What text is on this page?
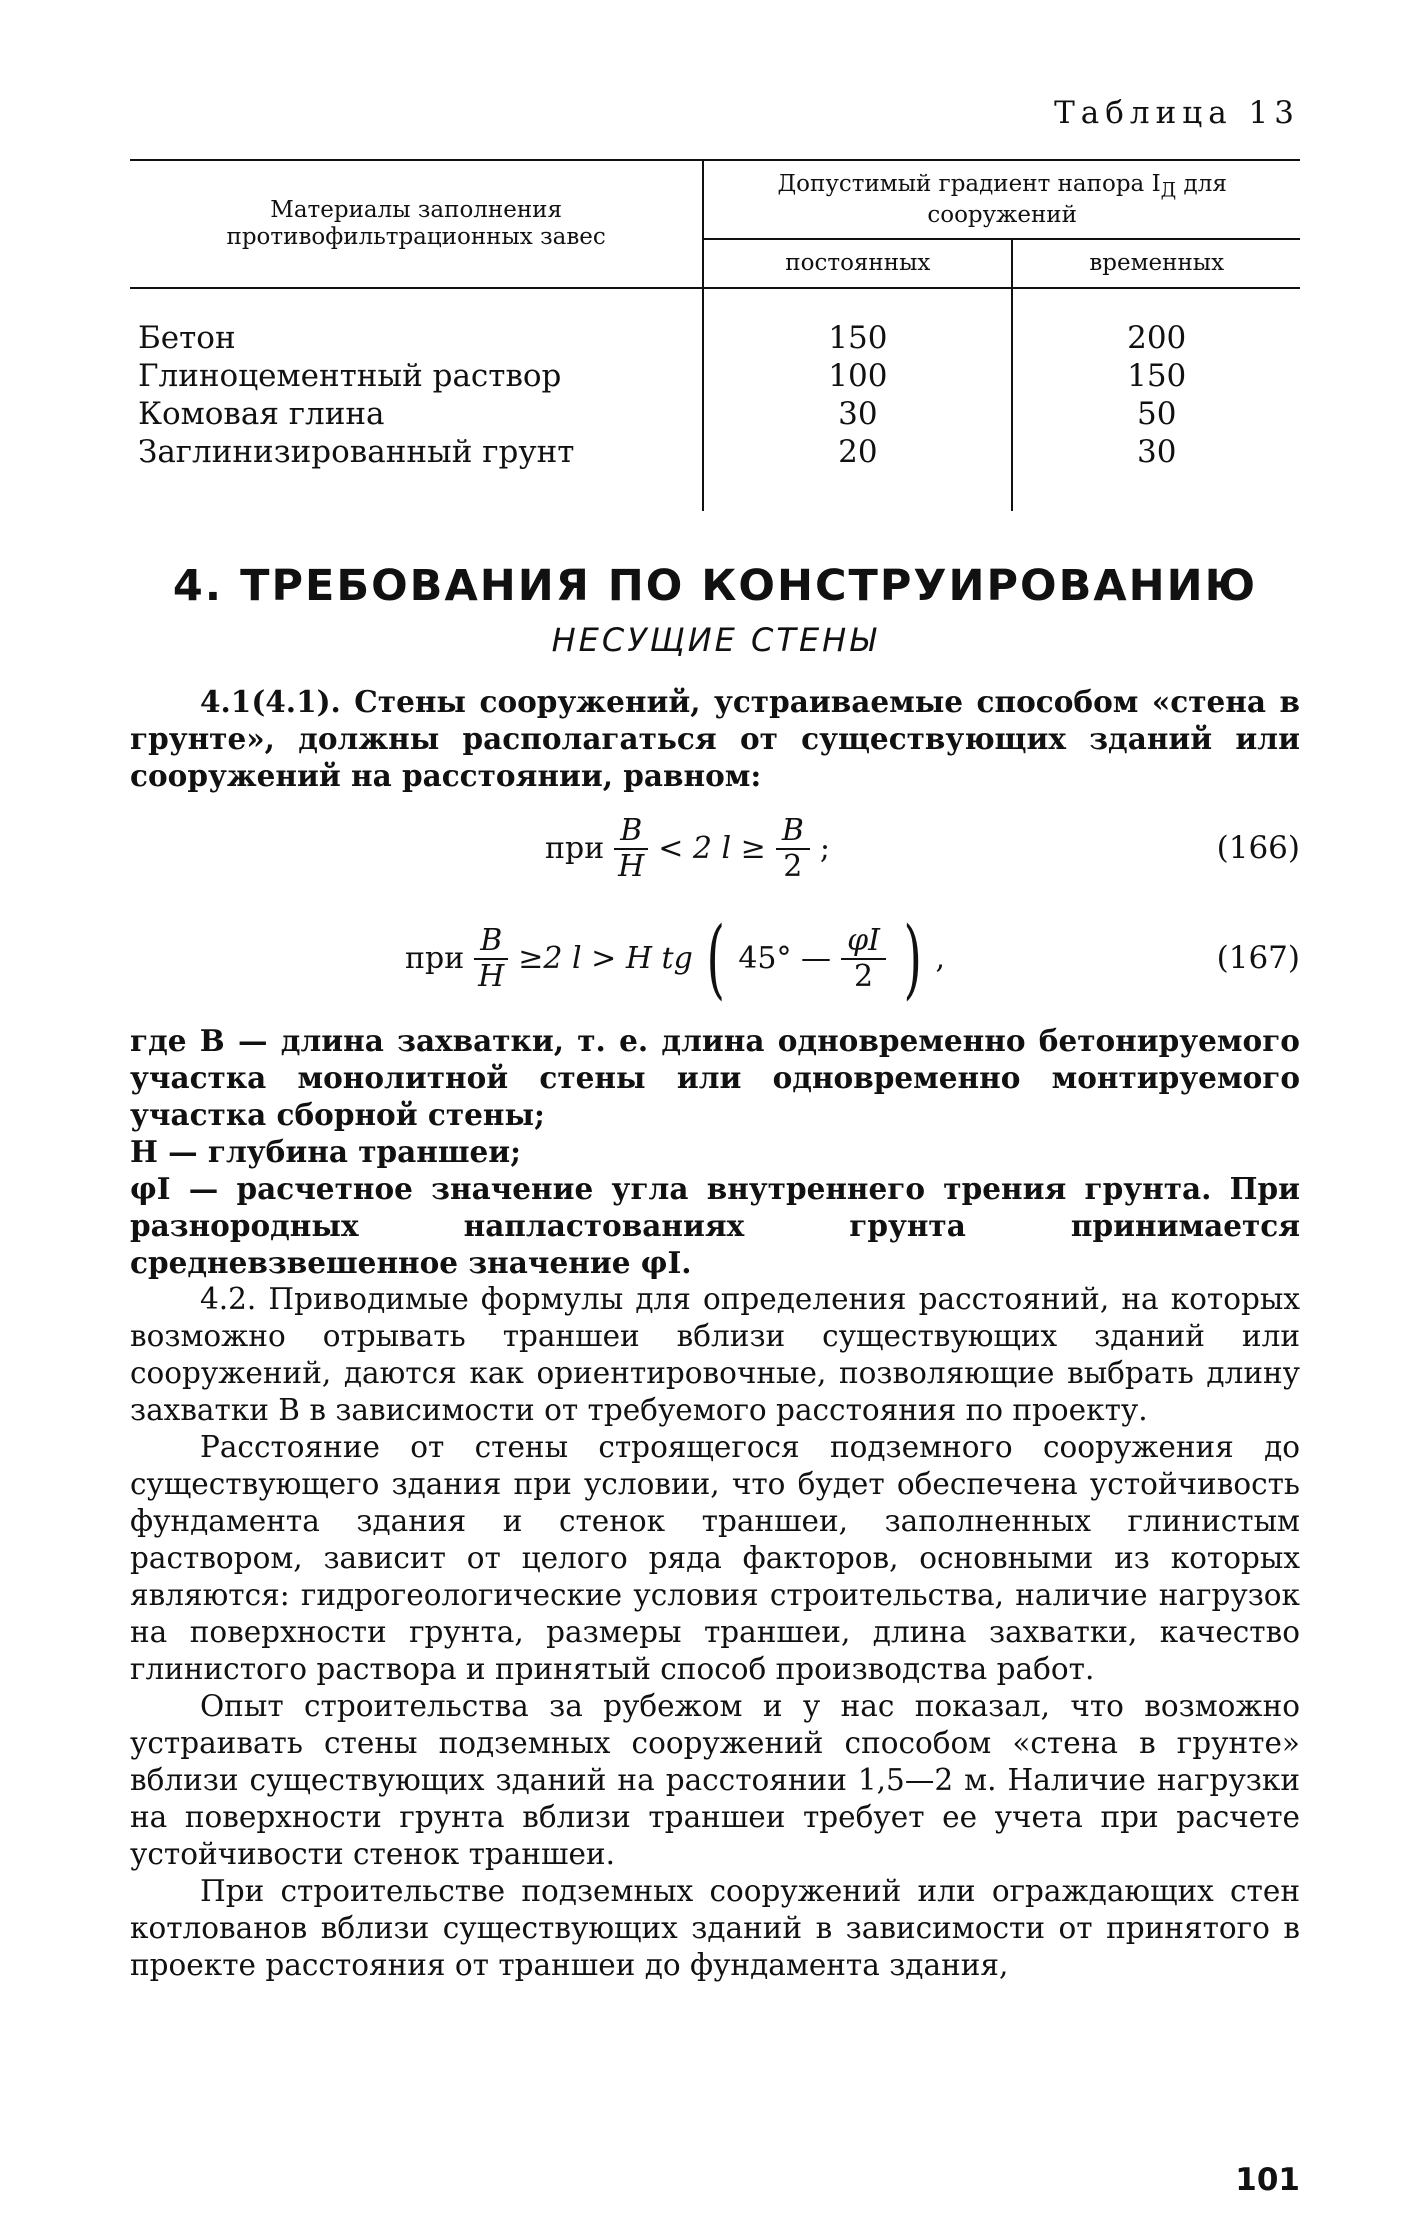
Таблица 13
Материалы заполнения противофильтрационных завес	Допустимый градиент напора $I_Д$ для сооружений	
	постоянных	временных

Бетон	150	200
Глиноцементный раствор	100	150
Комовая глина	30	50
Заглинизированный грунт	20	30

4. ТРЕБОВАНИЯ ПО КОНСТРУИРОВАНИЮ
НЕСУЩИЕ СТЕНЫ

4.1(4.1). Стены сооружений, устраиваемые способом «стена в грунте», должны располагаться от существующих зданий или сооружений на расстоянии, равном:

при $\frac{B}{H} < 2$ $l \ge \frac{B}{2}$ ;	(166)
при $\frac{B}{H} \ge 2$ l > H tg ( 45° — $\frac{\varphi I}{2}$ ) ,	(167)

где B — длина захватки, т. е. длина одновременно бетонируемого участка монолитной стены или одновременно монтируемого участка сборной стены;

H — глубина траншеи;

φI — расчетное значение угла внутреннего трения грунта. При разнородных напластованиях грунта принимается средневзвешенное значение φI.

4.2. Приводимые формулы для определения расстояний, на которых возможно отрывать траншеи вблизи существующих зданий или сооружений, даются как ориентировочные, позволяющие выбрать длину захватки B в зависимости от требуемого расстояния по проекту.

Расстояние от стены строящегося подземного сооружения до существующего здания при условии, что будет обеспечена устойчивость фундамента здания и стенок траншеи, заполненных глинистым раствором, зависит от целого ряда факторов, основными из которых являются: гидрогеологические условия строительства, наличие нагрузок на поверхности грунта, размеры траншеи, длина захватки, качество глинистого раствора и принятый способ производства работ.

Опыт строительства за рубежом и у нас показал, что возможно устраивать стены подземных сооружений способом «стена в грунте» вблизи существующих зданий на расстоянии 1,5—2 м. Наличие нагрузки на поверхности грунта вблизи траншеи требует ее учета при расчете устойчивости стенок траншеи.

При строительстве подземных сооружений или ограждающих стен котлованов вблизи существующих зданий в зависимости от принятого в проекте расстояния от траншеи до фундамента здания,

101
